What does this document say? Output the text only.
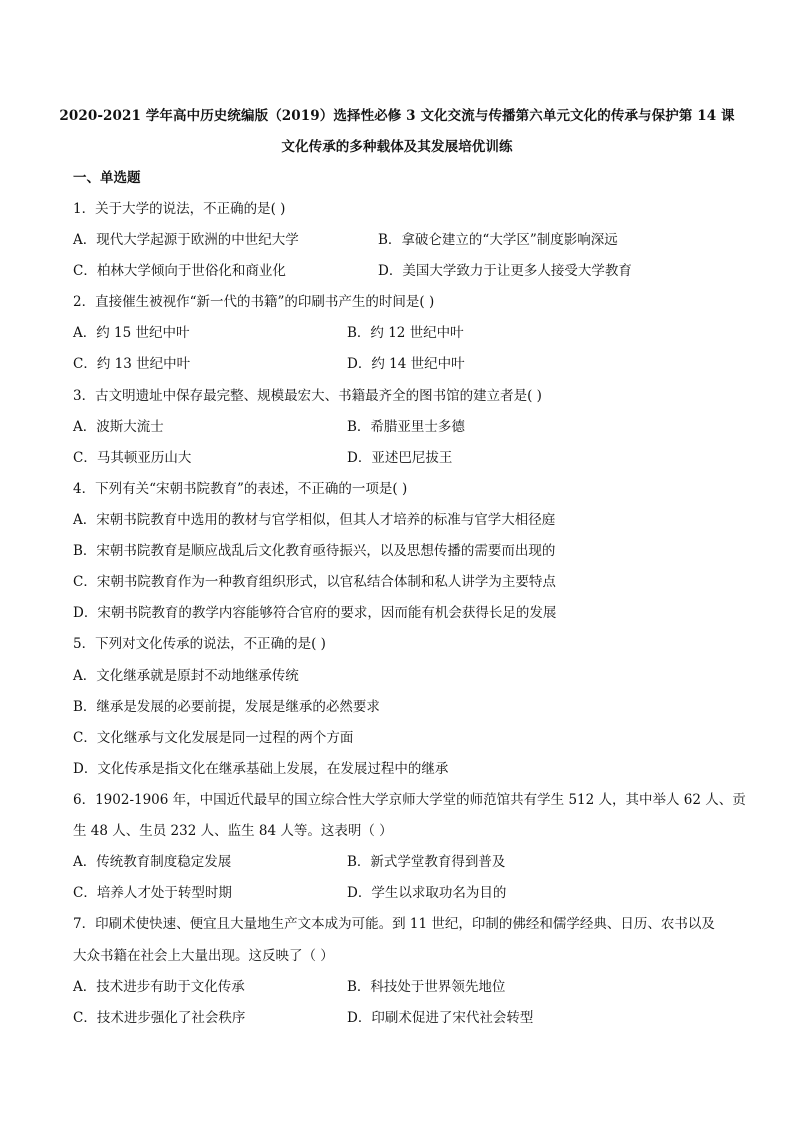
2020-2021 学年高中历史统编版（2019）选择性必修 3 文化交流与传播第六单元文化的传承与保护第 14 课
文化传承的多种载体及其发展培优训练
一、单选题
1．关于大学的说法，不正确的是( )
A．现代大学起源于欧洲的中世纪大学	B．拿破仑建立的“大学区”制度影响深远
C．柏林大学倾向于世俗化和商业化	D．美国大学致力于让更多人接受大学教育
2．直接催生被视作“新一代的书籍”的印刷书产生的时间是( )
A．约 15 世纪中叶	B．约 12 世纪中叶
C．约 13 世纪中叶	D．约 14 世纪中叶
3．古文明遗址中保存最完整、规模最宏大、书籍最齐全的图书馆的建立者是( )
A．波斯大流士	B．希腊亚里士多德
C．马其顿亚历山大	D．亚述巴尼拔王
4．下列有关“宋朝书院教育”的表述，不正确的一项是( )
A．宋朝书院教育中选用的教材与官学相似，但其人才培养的标准与官学大相径庭
B．宋朝书院教育是顺应战乱后文化教育亟待振兴，以及思想传播的需要而出现的
C．宋朝书院教育作为一种教育组织形式，以官私结合体制和私人讲学为主要特点
D．宋朝书院教育的教学内容能够符合官府的要求，因而能有机会获得长足的发展
5．下列对文化传承的说法，不正确的是( )
A．文化继承就是原封不动地继承传统
B．继承是发展的必要前提，发展是继承的必然要求
C．文化继承与文化发展是同一过程的两个方面
D．文化传承是指文化在继承基础上发展，在发展过程中的继承
6．1902-1906 年，中国近代最早的国立综合性大学京师大学堂的师范馆共有学生 512 人，其中举人 62 人、贡
生 48 人、生员 232 人、监生 84 人等。这表明（ ）
A．传统教育制度稳定发展	B．新式学堂教育得到普及
C．培养人才处于转型时期	D．学生以求取功名为目的
7．印刷术使快速、便宜且大量地生产文本成为可能。到 11 世纪，印制的佛经和儒学经典、日历、农书以及
大众书籍在社会上大量出现。这反映了（ ）
A．技术进步有助于文化传承	B．科技处于世界领先地位
C．技术进步强化了社会秩序	D．印刷术促进了宋代社会转型
